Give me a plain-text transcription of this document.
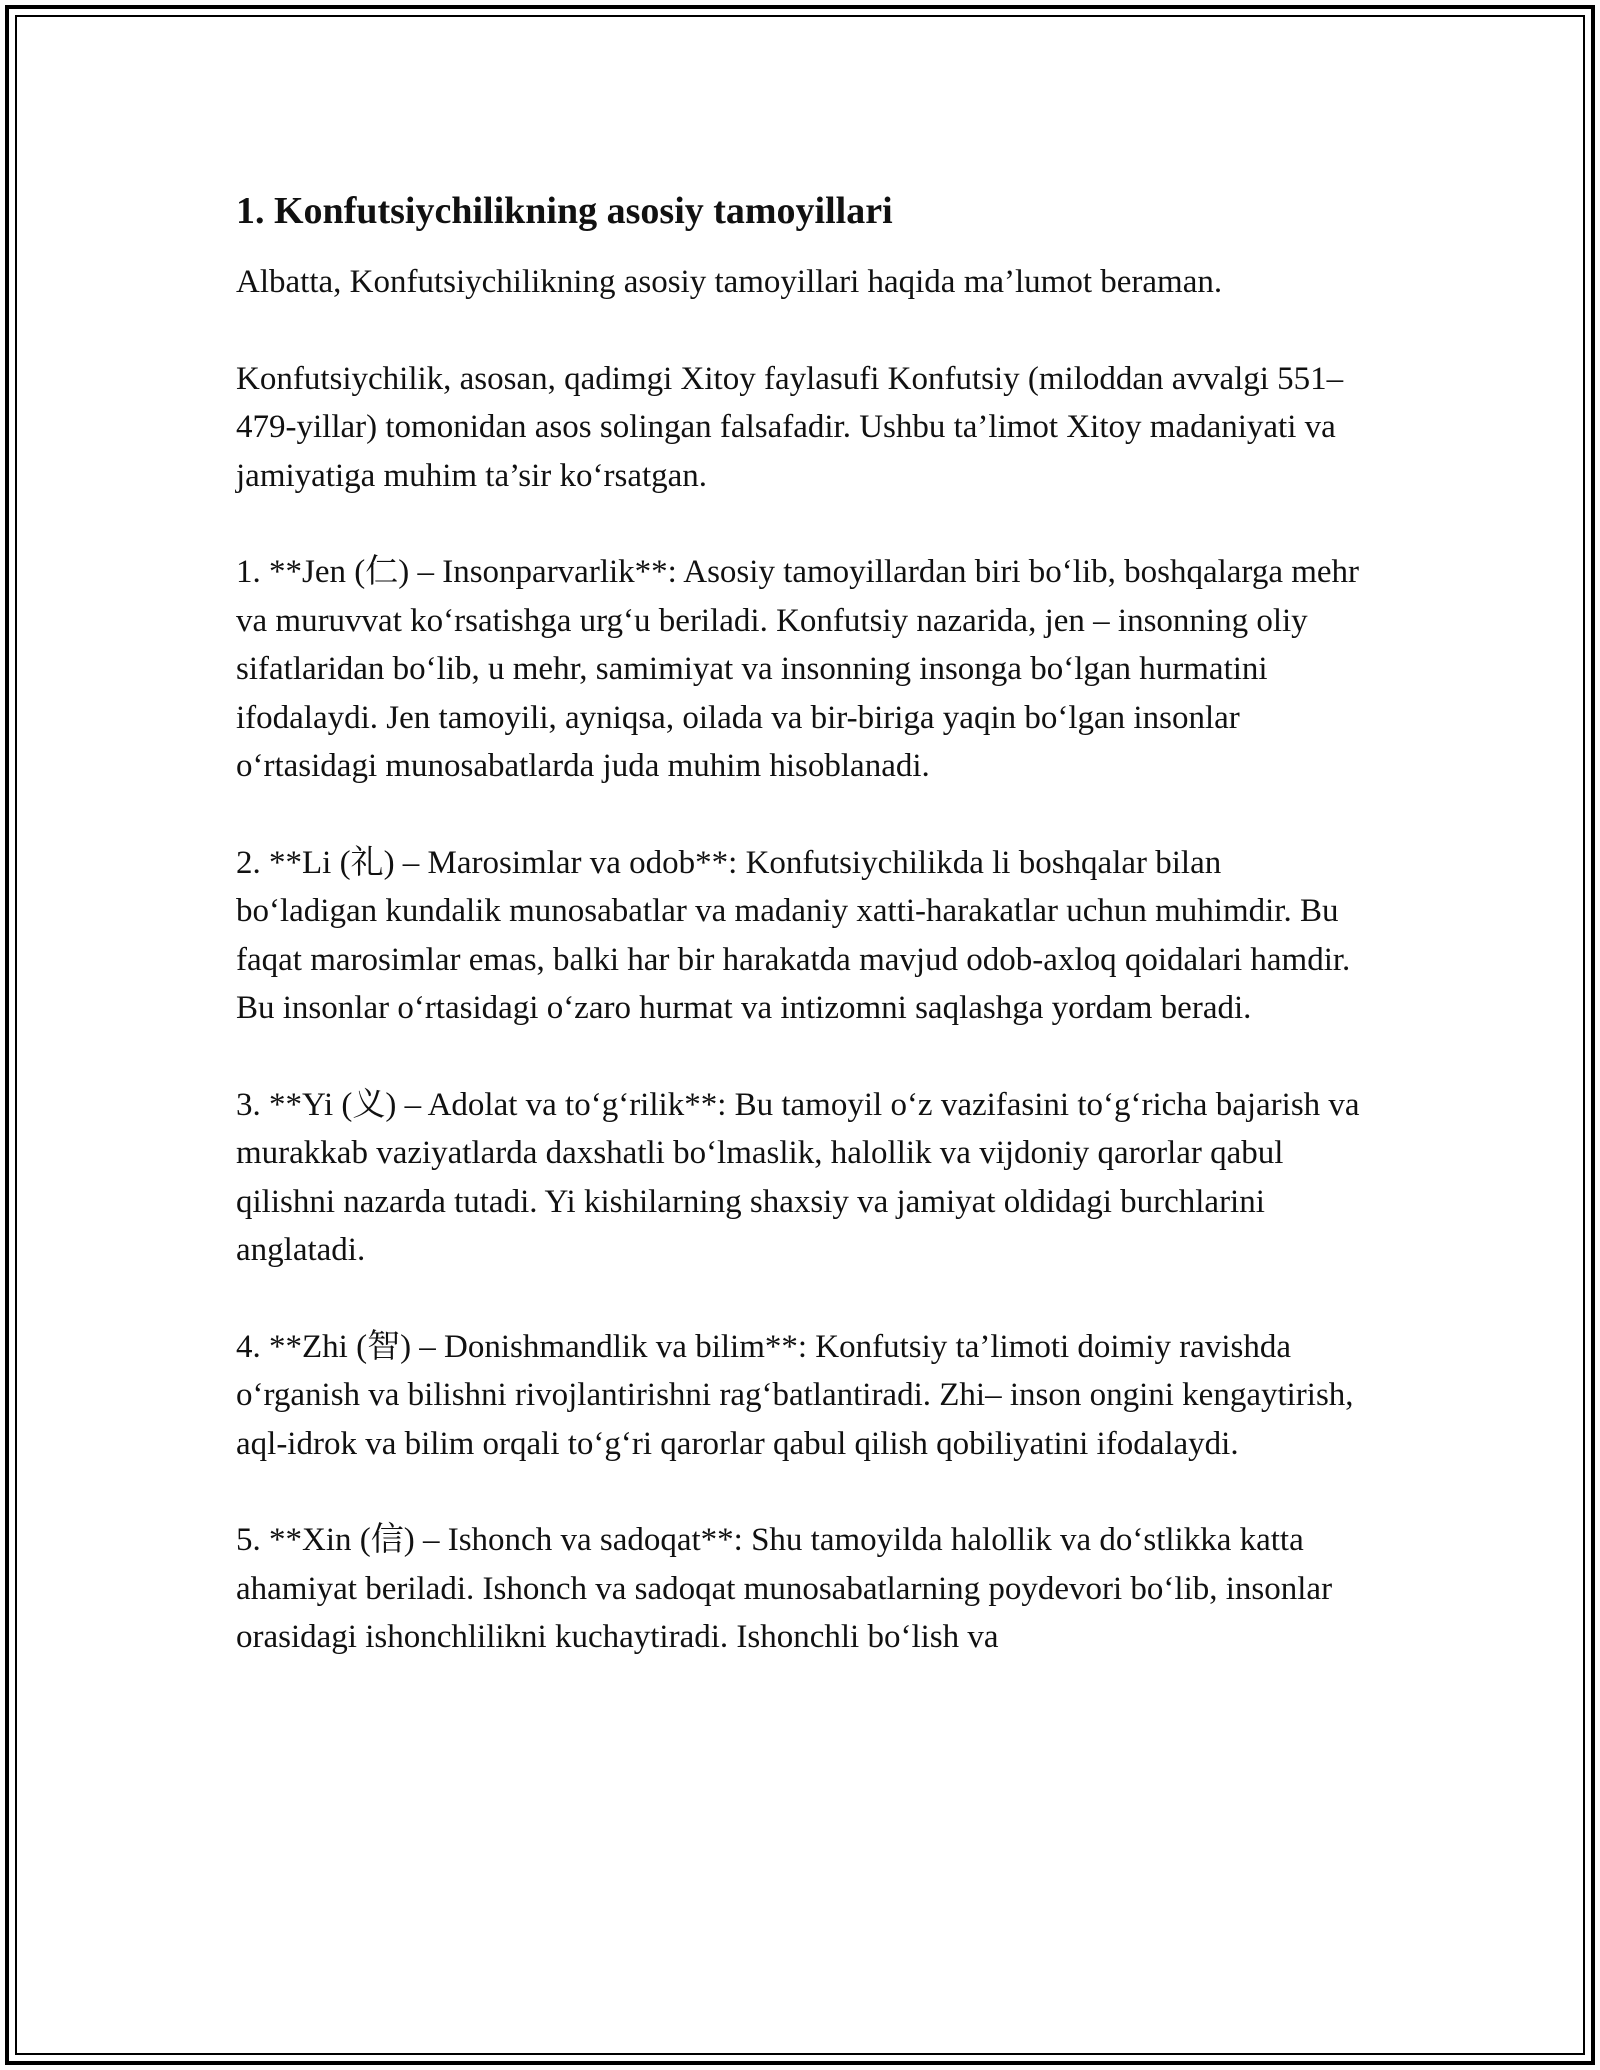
1. Konfutsiychilikning asosiy tamoyillari

Albatta, Konfutsiychilikning asosiy tamoyillari haqida ma’lumot beraman.

Konfutsiychilik, asosan, qadimgi Xitoy faylasufi Konfutsiy (miloddan avvalgi 551–479-yillar) tomonidan asos solingan falsafadir. Ushbu ta’limot Xitoy madaniyati va jamiyatiga muhim ta’sir ko‘rsatgan.

1. **Jen (仁) – Insonparvarlik**: Asosiy tamoyillardan biri bo‘lib, boshqalarga mehr va muruvvat ko‘rsatishga urg‘u beriladi. Konfutsiy nazarida, jen – insonning oliy sifatlaridan bo‘lib, u mehr, samimiyat va insonning insonga bo‘lgan hurmatini ifodalaydi. Jen tamoyili, ayniqsa, oilada va bir-biriga yaqin bo‘lgan insonlar o‘rtasidagi munosabatlarda juda muhim hisoblanadi.

2. **Li (礼) – Marosimlar va odob**: Konfutsiychilikda li boshqalar bilan bo‘ladigan kundalik munosabatlar va madaniy xatti-harakatlar uchun muhimdir. Bu faqat marosimlar emas, balki har bir harakatda mavjud odob-axloq qoidalari hamdir. Bu insonlar o‘rtasidagi o‘zaro hurmat va intizomni saqlashga yordam beradi.

3. **Yi (义) – Adolat va to‘g‘rilik**: Bu tamoyil o‘z vazifasini to‘g‘richa bajarish va murakkab vaziyatlarda daxshatli bo‘lmaslik, halollik va vijdoniy qarorlar qabul qilishni nazarda tutadi. Yi kishilarning shaxsiy va jamiyat oldidagi burchlarini anglatadi.

4. **Zhi (智) – Donishmandlik va bilim**: Konfutsiy ta’limoti doimiy ravishda o‘rganish va bilishni rivojlantirishni rag‘batlantiradi. Zhi– inson ongini kengaytirish, aql-idrok va bilim orqali to‘g‘ri qarorlar qabul qilish qobiliyatini ifodalaydi.

5. **Xin (信) – Ishonch va sadoqat**: Shu tamoyilda halollik va do‘stlikka katta ahamiyat beriladi. Ishonch va sadoqat munosabatlarning poydevori bo‘lib, insonlar orasidagi ishonchlilikni kuchaytiradi. Ishonchli bo‘lish va
